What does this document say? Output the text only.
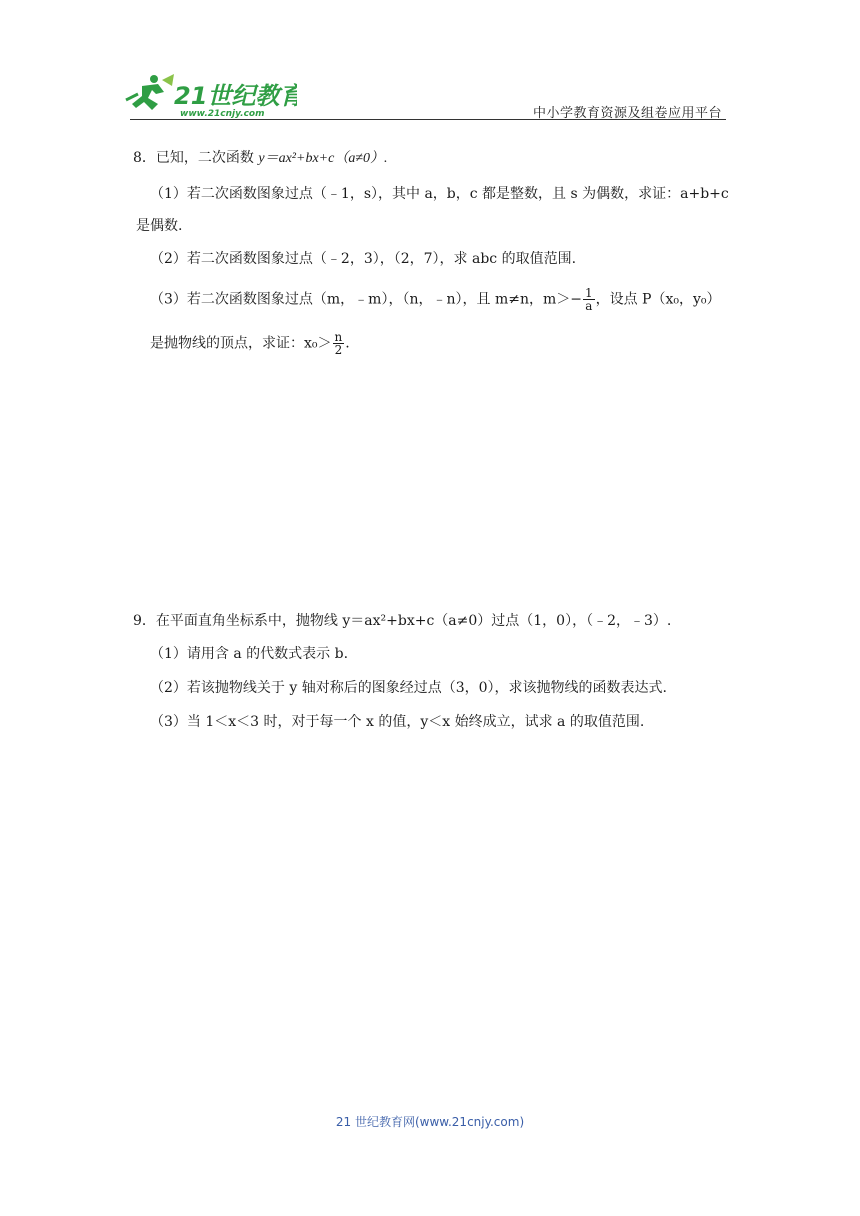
21世纪教育
www.21cnjy.com	中小学教育资源及组卷应用平台
8．已知，二次函数 y＝ax²+bx+c（a≠0）.
（1）若二次函数图象过点（﹣1，s），其中 a，b，c 都是整数，且 s 为偶数，求证：a+b+c
是偶数.
（2）若二次函数图象过点（﹣2，3），（2，7），求 abc 的取值范围.
（3）若二次函数图象过点（m，﹣m），（n，﹣n），且 m≠n，$m>- \frac{1}{a}$ ，设点 P（x₀，y₀）
是抛物线的顶点，求证：$x_0> \frac{n}{2}$ .
9．在平面直角坐标系中，抛物线 y＝ax²+bx+c（a≠0）过点（1，0），（﹣2，﹣3）.
（1）请用含 a 的代数式表示 b.
（2）若该抛物线关于 y 轴对称后的图象经过点（3，0），求该抛物线的函数表达式.
（3）当 1＜x＜3 时，对于每一个 x 的值，y＜x 始终成立，试求 a 的取值范围.
21 世纪教育网(www.21cnjy.com)
